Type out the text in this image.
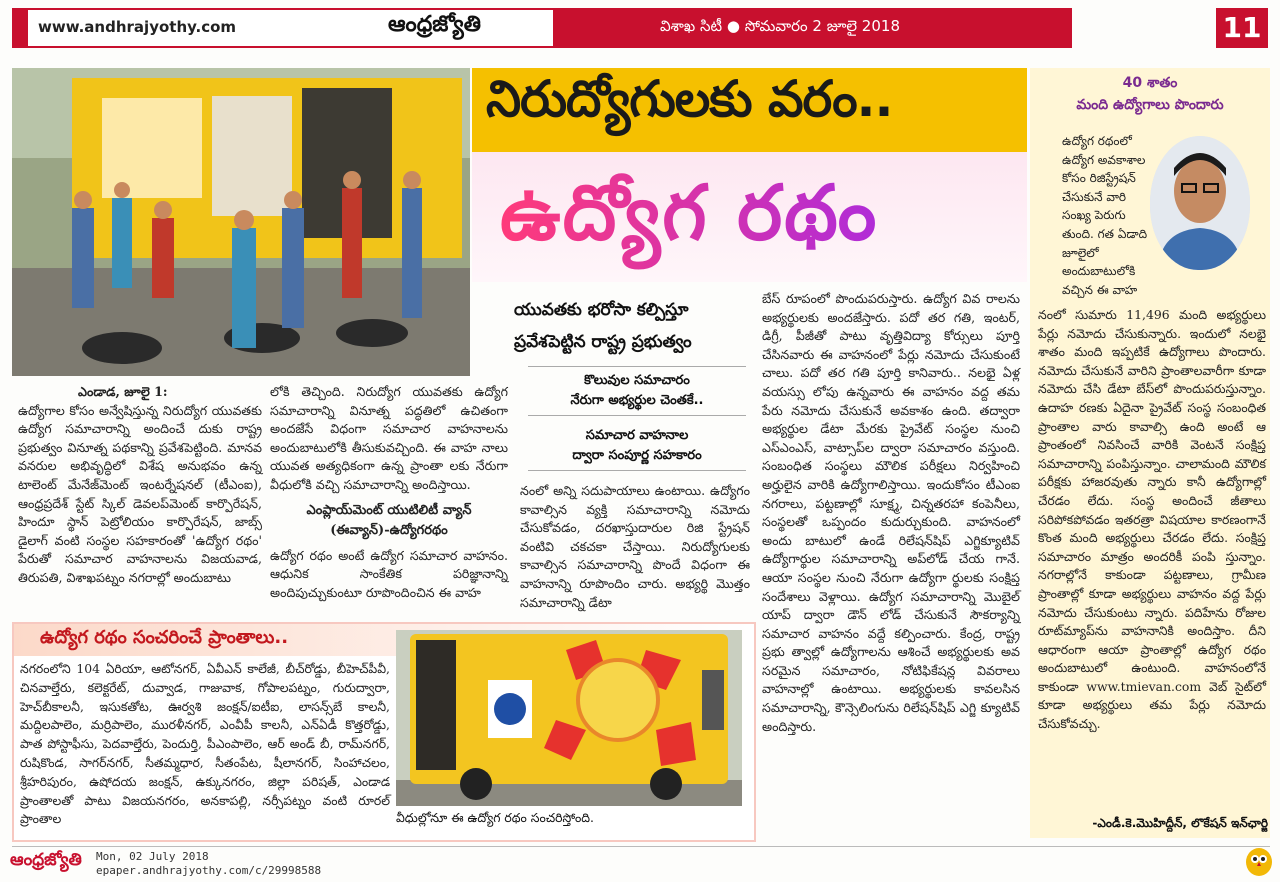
www.andhrajyothy.com	ఆంధ్రజ్యోతి	విశాఖ సిటీ ● సోమవారం 2 జూలై 2018	11
నిరుద్యోగులకు వరం..
ఉద్యోగ రథం
యువతకు భరోసా కల్పిస్తూ
ప్రవేశపెట్టిన రాష్ట్ర ప్రభుత్వం
ఎండాడ, జూలై 1:
ఉద్యోగాల కోసం అన్వేషిస్తున్న నిరుద్యోగ యువతకు ఉద్యోగ సమాచారాన్ని అందించే దుకు రాష్ట్ర ప్రభుత్వం వినూత్న పథకాన్ని ప్రవేశపెట్టింది. మానవ వనరుల అభివృద్ధిలో విశేష అనుభవం ఉన్న టాలెంట్ మేనేజ్‌మెంట్ ఇంటర్నేషనల్ (టీఎంఐ), ఆంధ్రప్రదేశ్ స్టేట్ స్కిల్ డెవలప్‌మెంట్ కార్పొరేషన్, హిందూ స్థాన్ పెట్రోలియం కార్పొరేషన్, జాబ్స్ డైలాగ్ వంటి సంస్థల సహకారంతో 'ఉద్యోగ రథం' పేరుతో సమాచార వాహనాలను విజయవాడ, తిరుపతి, విశాఖపట్నం నగరాల్లో అందుబాటు
లోకి తెచ్చింది. నిరుద్యోగ యువతకు ఉద్యోగ సమాచారాన్ని వినూత్న పద్ధతిలో ఉచితంగా అందజేసే విధంగా సమాచార వాహనాలను అందుబాటులోకి తీసుకువచ్చింది. ఈ వాహ నాలు యువత అత్యధికంగా ఉన్న ప్రాంతా లకు నేరుగా వీధులోకి వచ్చి సమాచారాన్ని అందిస్తాయి.
ఎంప్లాయ్‌మెంట్ యుటిలిటీ వ్యాన్ (ఈవ్యాన్)-ఉద్యోగరథం
ఉద్యోగ రథం అంటే ఉద్యోగ సమాచార వాహనం. ఆధునిక సాంకేతిక పరిజ్ఞానాన్ని అందిపుచ్చుకుంటూ రూపొందించిన ఈ వాహ
కొలువుల సమాచారం
నేరుగా అభ్యర్థుల చెంతకే..
సమాచార వాహనాల
ద్వారా సంపూర్ణ సహకారం
నంలో అన్ని సదుపాయాలు ఉంటాయి. ఉద్యోగం కావాల్సిన వ్యక్తి సమాచారాన్ని నమోదు చేసుకోవడం, దరఖాస్తుదారుల రిజి స్ట్రేషన్ వంటివి చకచకా చేస్తాయి. నిరుద్యోగులకు కావాల్సిన సమాచారాన్ని పొందే విధంగా ఈ వాహనాన్ని రూపొందిం చారు. అభ్యర్థి మొత్తం సమాచారాన్ని డేటా
బేస్ రూపంలో పొందుపరుస్తారు. ఉద్యోగ వివ రాలను అభ్యర్థులకు అందజేస్తారు. పదో తర గతి, ఇంటర్, డిగ్రీ, పీజీతో పాటు వృత్తివిద్యా కోర్సులు పూర్తి చేసినవారు ఈ వాహనంలో పేర్లు నమోదు చేసుకుంటే చాలు. పదో తర గతి పూర్తి కానివారు.. నలభై ఏళ్ల వయస్సు లోపు ఉన్నవారు ఈ వాహనం వద్ద తమ పేరు నమోదు చేసుకునే అవకాశం ఉంది. తద్వారా అభ్యర్థుల డేటా మేరకు ప్రైవేట్ సంస్థల నుంచి ఎస్‌ఎంఎస్, వాట్సాప్‌ల ద్వారా సమాచారం వస్తుంది. సంబంధిత సంస్థలు మౌలిక పరీక్షలు నిర్వహించి అర్హులైన వారికి ఉద్యోగాలిస్తాయి. ఇందుకోసం టీఎంఐ నగరాలు, పట్టణాల్లో సూక్ష్మ, చిన్నతరహా కంపెనీలు, సంస్థలతో ఒప్పందం కుదుర్చుకుంది. వాహనంలో అందు బాటులో ఉండే రిలేషన్‌షిప్ ఎగ్జిక్యూటివ్ ఉద్యోగార్థుల సమాచారాన్ని అప్‌లోడ్ చేయ గానే. ఆయా సంస్థల నుంచి నేరుగా ఉద్యోగా ర్థులకు సంక్షిప్త సందేశాలు వెళ్లాయి. ఉద్యోగ సమాచారాన్ని మొబైల్ యాప్ ద్వారా డౌన్ లోడ్ చేసుకునే సౌకర్యాన్ని సమాచార వాహనం వద్దే కల్పించారు. కేంద్ర, రాష్ట్ర ప్రభు త్వాల్లో ఉద్యోగాలను ఆశించే అభ్యర్థులకు అవ సరమైన సమాచారం, నోటిఫికేషన్ల వివరాలు వాహనాల్లో ఉంటాయి. అభ్యర్థులకు కావలసిన సమాచారాన్ని, కౌన్సెలింగును రిలేషన్‌షిప్ ఎగ్జి క్యూటివ్ అందిస్తారు.
40 శాతం
మంది ఉద్యోగాలు పొందారు
ఉద్యోగ రథంలో ఉద్యోగ అవకాశాల కోసం రిజిస్ట్రేషన్ చేసుకునే వారి సంఖ్య పెరుగు తుంది. గత ఏడాది జూలైలో అందుబాటులోకి వచ్చిన ఈ వాహ
నంలో సుమారు 11,496 మంది అభ్యర్థులు పేర్లు నమోదు చేసుకున్నారు. ఇందులో నలభై శాతం మంది ఇప్పటికే ఉద్యోగాలు పొందారు. నమోదు చేసుకునే వారిని ప్రాంతాలవారీగా కూడా నమోదు చేసి డేటా బేస్‌లో పొందుపరుస్తున్నాం. ఉదాహ రణకు ఏదైనా ప్రైవేట్ సంస్థ సంబంధిత ప్రాంతాల వారు కావాల్సి ఉంది అంటే ఆ ప్రాంతంలో నివసించే వారికి వెంటనే సంక్షిప్త సమాచారాన్ని పంపిస్తున్నాం. చాలామంది మౌలిక పరీక్షకు హాజరవుతు న్నారు కానీ ఉద్యోగాల్లో చేరడం లేదు. సంస్థ అందించే జీతాలు సరిపోకపోవడం ఇతరత్రా విషయాల కారణంగానే కొంత మంది అభ్యర్థులు చేరడం లేదు. సంక్షిప్త సమాచారం మాత్రం అందరికీ పంపి స్తున్నాం. నగరాల్లోనే కాకుండా పట్టణాలు, గ్రామీణ ప్రాంతాల్లో కూడా అభ్యర్థులు వాహనం వద్ద పేర్లు నమోదు చేసుకుంటు న్నారు. పదిహేను రోజుల రూట్‌మ్యాప్‌ను వాహనానికి అందిస్తాం. దీని ఆధారంగా ఆయా ప్రాంతాల్లో ఉద్యోగ రథం అందుబాటులో ఉంటుంది. వాహనంలోనే కాకుండా www.tmievan.com వెబ్ సైట్‌లో కూడా అభ్యర్థులు తమ పేర్లు నమోదు చేసుకోవచ్చు.
-ఎండీ.కె.మొహిద్దీన్, లొకేషన్ ఇన్‌ఛార్జి
ఉద్యోగ రథం సంచరించే ప్రాంతాలు..
నగరంలోని 104 ఏరియా, ఆటోనగర్, ఏవీఎన్ కాలేజీ, బీచ్‌రోడ్డు, బీహెచ్‌పీవీ, చినవాల్తేరు, కలెక్టరేట్, దువ్వాడ, గాజువాక, గోపాలపట్నం, గురుద్వారా, హెచ్‌బీకాలనీ, ఇసుకతోట, ఊర్వశి జంక్షన్/ఐటీఐ, లాసన్స్‌బే కాలనీ, మద్దిలపాలెం, మర్రిపాలెం, మురళీనగర్, ఎంవీపీ కాలనీ, ఎన్‌ఏడీ కొత్తరోడ్డు, పాత పోస్టాఫీసు, పెదవాల్తేరు, పెందుర్తి, పీఎంపాలెం, ఆర్ అండ్ బీ, రామ్‌నగర్, రుషికొండ, సాగర్‌నగర్, సీతమ్మధార, సీతంపేట, షీలానగర్, సింహాచలం, శ్రీహరిపురం, ఉషోదయ జంక్షన్, ఉక్కునగరం, జిల్లా పరిషత్, ఎండాడ ప్రాంతాలతో పాటు విజయనగరం, అనకాపల్లి, నర్సీపట్నం వంటి రూరల్ ప్రాంతాల	వీధుల్లోనూ ఈ ఉద్యోగ రథం సంచరిస్తోంది.
ఆంధ్రజ్యోతి Mon, 02 July 2018
epaper.andhrajyothy.com/c/29998588
